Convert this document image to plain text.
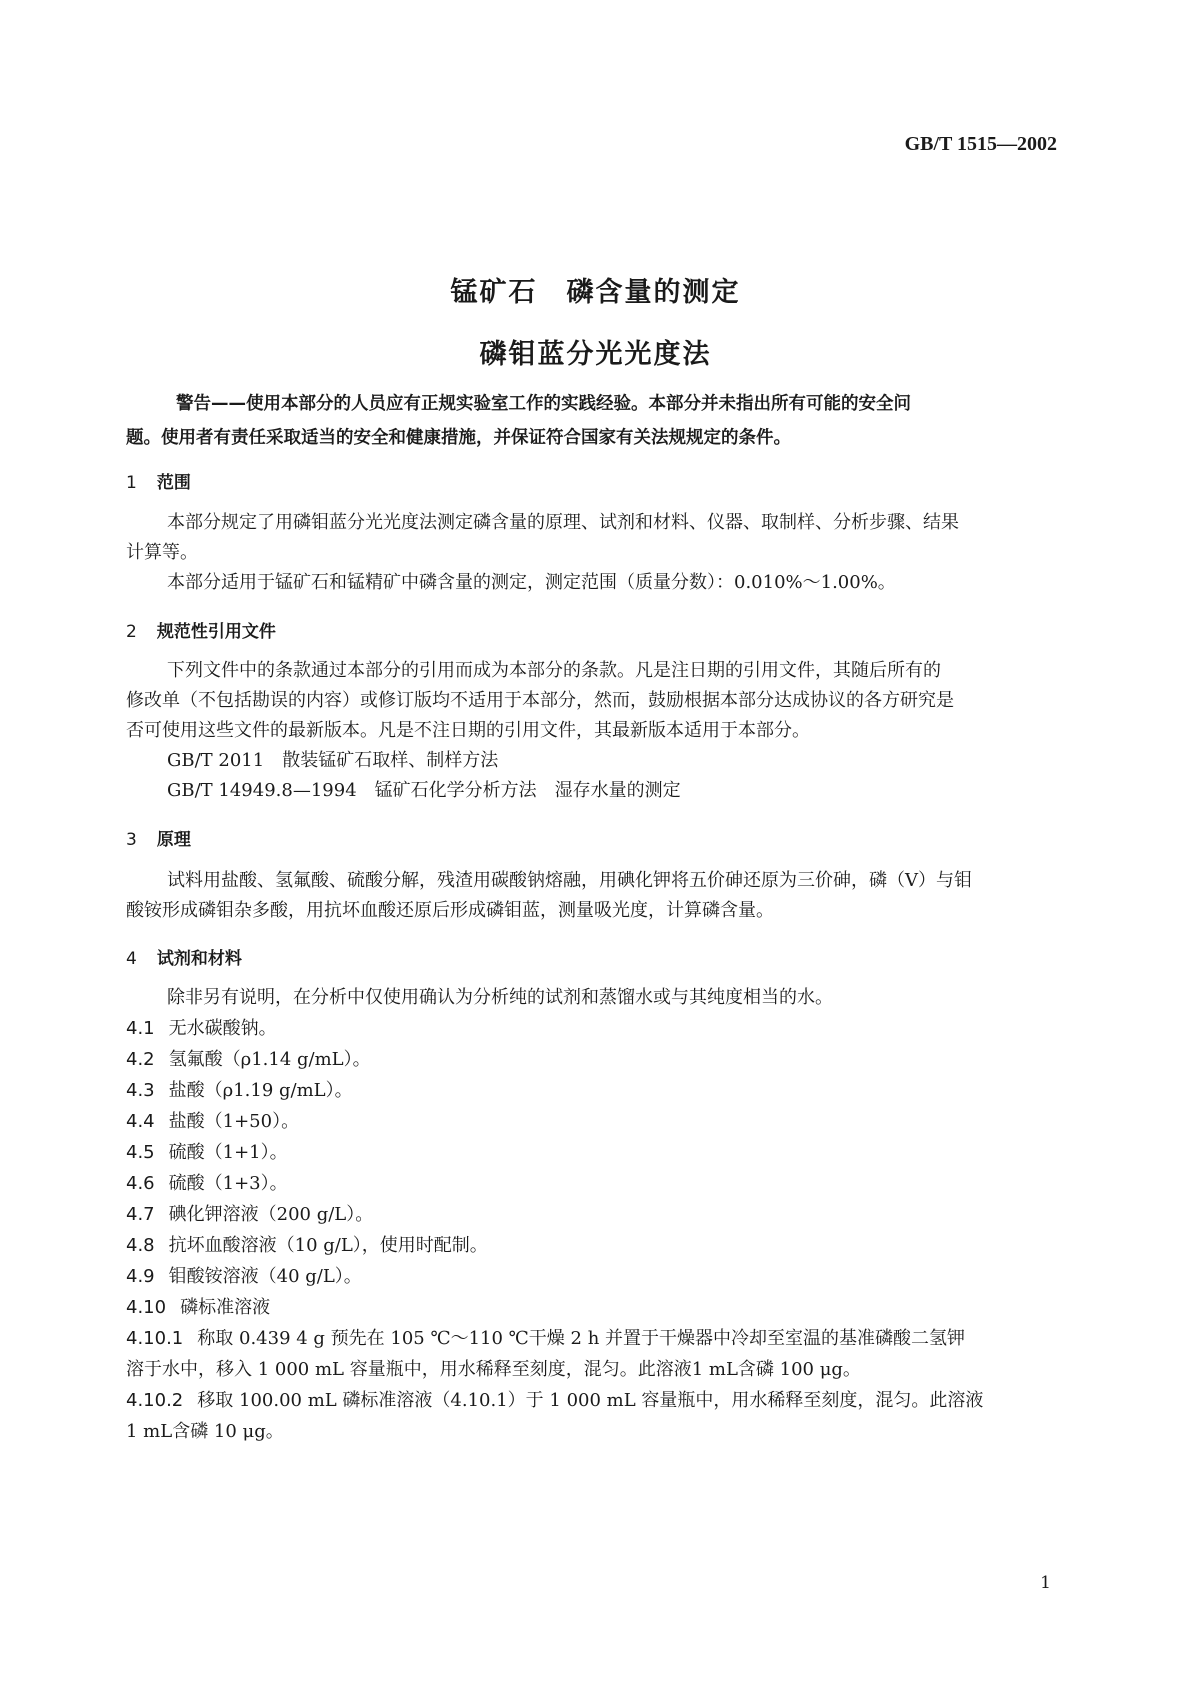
GB/T 1515—2002
锰矿石　磷含量的测定
磷钼蓝分光光度法
警告——使用本部分的人员应有正规实验室工作的实践经验。本部分并未指出所有可能的安全问
题。使用者有责任采取适当的安全和健康措施，并保证符合国家有关法规规定的条件。
1 范围
本部分规定了用磷钼蓝分光光度法测定磷含量的原理、试剂和材料、仪器、取制样、分析步骤、结果
计算等。
本部分适用于锰矿石和锰精矿中磷含量的测定，测定范围（质量分数）：0.010%～1.00%。
2 规范性引用文件
下列文件中的条款通过本部分的引用而成为本部分的条款。凡是注日期的引用文件，其随后所有的
修改单（不包括勘误的内容）或修订版均不适用于本部分，然而，鼓励根据本部分达成协议的各方研究是
否可使用这些文件的最新版本。凡是不注日期的引用文件，其最新版本适用于本部分。
GB/T 2011　散装锰矿石取样、制样方法
GB/T 14949.8—1994　锰矿石化学分析方法　湿存水量的测定
3 原理
试料用盐酸、氢氟酸、硫酸分解，残渣用碳酸钠熔融，用碘化钾将五价砷还原为三价砷，磷（V）与钼
酸铵形成磷钼杂多酸，用抗坏血酸还原后形成磷钼蓝，测量吸光度，计算磷含量。
4 试剂和材料
除非另有说明，在分析中仅使用确认为分析纯的试剂和蒸馏水或与其纯度相当的水。
4.1 无水碳酸钠。
4.2 氢氟酸（ρ1.14 g/mL）。
4.3 盐酸（ρ1.19 g/mL）。
4.4 盐酸（1+50）。
4.5 硫酸（1+1）。
4.6 硫酸（1+3）。
4.7 碘化钾溶液（200 g/L）。
4.8 抗坏血酸溶液（10 g/L），使用时配制。
4.9 钼酸铵溶液（40 g/L）。
4.10 磷标准溶液
4.10.1 称取 0.439 4 g 预先在 105 ℃～110 ℃干燥 2 h 并置于干燥器中冷却至室温的基准磷酸二氢钾
溶于水中，移入 1 000 mL 容量瓶中，用水稀释至刻度，混匀。此溶液1 mL含磷 100 μg。
4.10.2 移取 100.00 mL 磷标准溶液（4.10.1）于 1 000 mL 容量瓶中，用水稀释至刻度，混匀。此溶液
1 mL含磷 10 μg。
1
